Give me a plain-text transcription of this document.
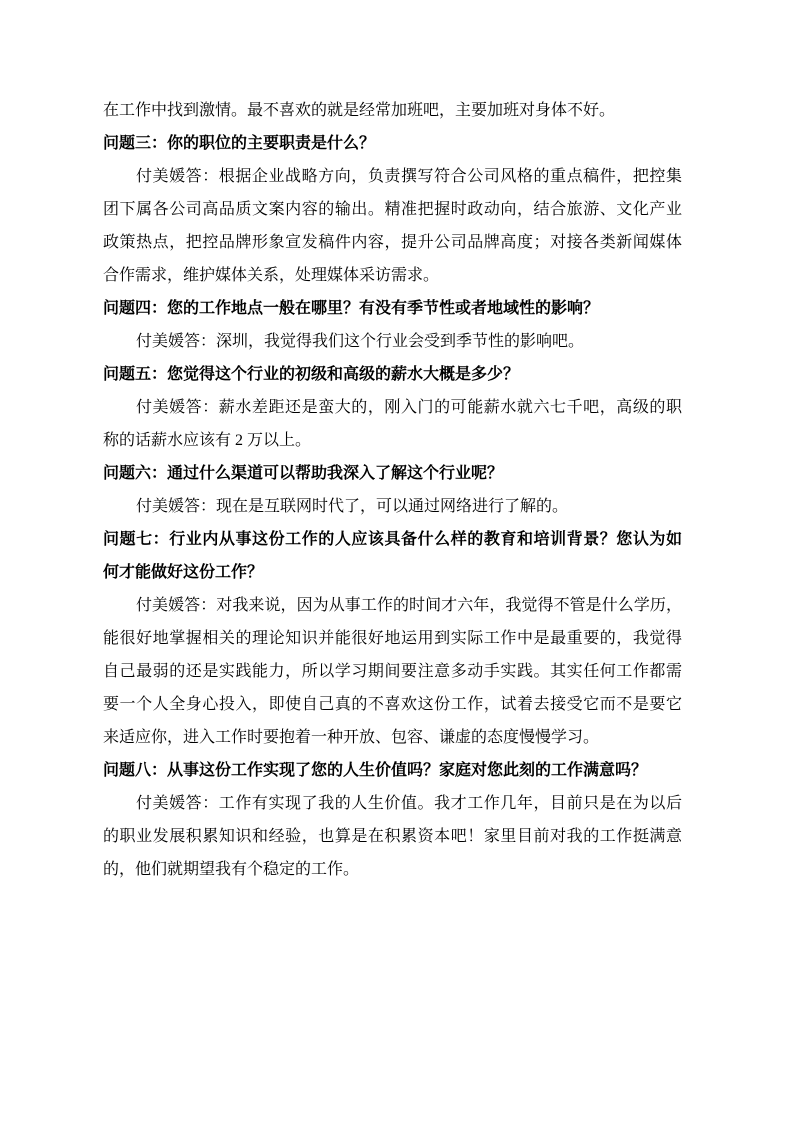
在工作中找到激情。最不喜欢的就是经常加班吧，主要加班对身体不好。
问题三：你的职位的主要职责是什么？
付美媛答：根据企业战略方向，负责撰写符合公司风格的重点稿件，把控集
团下属各公司高品质文案内容的输出。精准把握时政动向，结合旅游、文化产业
政策热点，把控品牌形象宣发稿件内容，提升公司品牌高度；对接各类新闻媒体
合作需求，维护媒体关系，处理媒体采访需求。
问题四：您的工作地点一般在哪里？有没有季节性或者地域性的影响？
付美媛答：深圳，我觉得我们这个行业会受到季节性的影响吧。
问题五：您觉得这个行业的初级和高级的薪水大概是多少？
付美媛答：薪水差距还是蛮大的，刚入门的可能薪水就六七千吧，高级的职
称的话薪水应该有 2 万以上。
问题六：通过什么渠道可以帮助我深入了解这个行业呢？
付美媛答：现在是互联网时代了，可以通过网络进行了解的。
问题七：行业内从事这份工作的人应该具备什么样的教育和培训背景？您认为如
何才能做好这份工作？
付美媛答：对我来说，因为从事工作的时间才六年，我觉得不管是什么学历，
能很好地掌握相关的理论知识并能很好地运用到实际工作中是最重要的，我觉得
自己最弱的还是实践能力，所以学习期间要注意多动手实践。其实任何工作都需
要一个人全身心投入，即使自己真的不喜欢这份工作，试着去接受它而不是要它
来适应你，进入工作时要抱着一种开放、包容、谦虚的态度慢慢学习。
问题八：从事这份工作实现了您的人生价值吗？家庭对您此刻的工作满意吗？
付美媛答：工作有实现了我的人生价值。我才工作几年，目前只是在为以后
的职业发展积累知识和经验，也算是在积累资本吧！家里目前对我的工作挺满意
的，他们就期望我有个稳定的工作。
